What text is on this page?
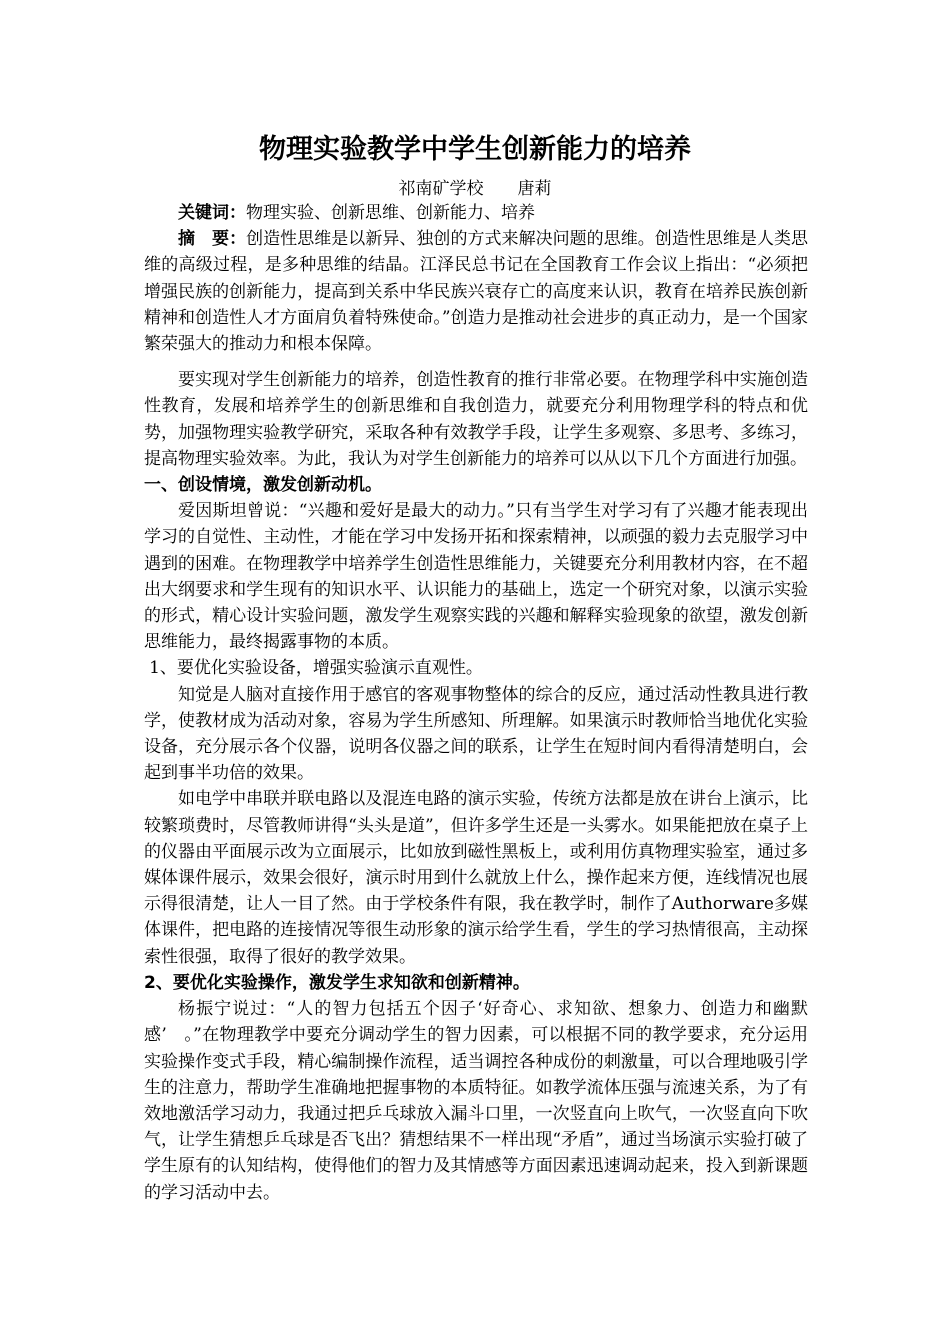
物理实验教学中学生创新能力的培养
祁南矿学校　　唐莉

关键词：物理实验、创新思维、创新能力、培养

摘　要：创造性思维是以新异、独创的方式来解决问题的思维。创造性思维是人类思维的高级过程，是多种思维的结晶。江泽民总书记在全国教育工作会议上指出：“必须把增强民族的创新能力，提高到关系中华民族兴衰存亡的高度来认识，教育在培养民族创新精神和创造性人才方面肩负着特殊使命。”创造力是推动社会进步的真正动力，是一个国家繁荣强大的推动力和根本保障。

要实现对学生创新能力的培养，创造性教育的推行非常必要。在物理学科中实施创造性教育，发展和培养学生的创新思维和自我创造力，就要充分利用物理学科的特点和优势，加强物理实验教学研究，采取各种有效教学手段，让学生多观察、多思考、多练习，提高物理实验效率。为此，我认为对学生创新能力的培养可以从以下几个方面进行加强。

一、创设情境，激发创新动机。

爱因斯坦曾说：“兴趣和爱好是最大的动力。”只有当学生对学习有了兴趣才能表现出学习的自觉性、主动性，才能在学习中发扬开拓和探索精神，以顽强的毅力去克服学习中遇到的困难。在物理教学中培养学生创造性思维能力，关键要充分利用教材内容，在不超出大纲要求和学生现有的知识水平、认识能力的基础上，选定一个研究对象，以演示实验的形式，精心设计实验问题，激发学生观察实践的兴趣和解释实验现象的欲望，激发创新思维能力，最终揭露事物的本质。

1、要优化实验设备，增强实验演示直观性。

知觉是人脑对直接作用于感官的客观事物整体的综合的反应，通过活动性教具进行教学，使教材成为活动对象，容易为学生所感知、所理解。如果演示时教师恰当地优化实验设备，充分展示各个仪器，说明各仪器之间的联系，让学生在短时间内看得清楚明白，会起到事半功倍的效果。

如电学中串联并联电路以及混连电路的演示实验，传统方法都是放在讲台上演示，比较繁琐费时，尽管教师讲得“头头是道”，但许多学生还是一头雾水。如果能把放在桌子上的仪器由平面展示改为立面展示，比如放到磁性黑板上，或利用仿真物理实验室，通过多媒体课件展示，效果会很好，演示时用到什么就放上什么，操作起来方便，连线情况也展示得很清楚，让人一目了然。由于学校条件有限，我在教学时，制作了Authorware多媒体课件，把电路的连接情况等很生动形象的演示给学生看，学生的学习热情很高，主动探索性很强，取得了很好的教学效果。

2、要优化实验操作，激发学生求知欲和创新精神。

杨振宁说过：“人的智力包括五个因子‘好奇心、求知欲、想象力、创造力和幽默感’　。”在物理教学中要充分调动学生的智力因素，可以根据不同的教学要求，充分运用实验操作变式手段，精心编制操作流程，适当调控各种成份的刺激量，可以合理地吸引学生的注意力，帮助学生准确地把握事物的本质特征。如教学流体压强与流速关系，为了有效地激活学习动力，我通过把乒乓球放入漏斗口里，一次竖直向上吹气，一次竖直向下吹气，让学生猜想乒乓球是否飞出？猜想结果不一样出现“矛盾”，通过当场演示实验打破了学生原有的认知结构，使得他们的智力及其情感等方面因素迅速调动起来，投入到新课题的学习活动中去。
